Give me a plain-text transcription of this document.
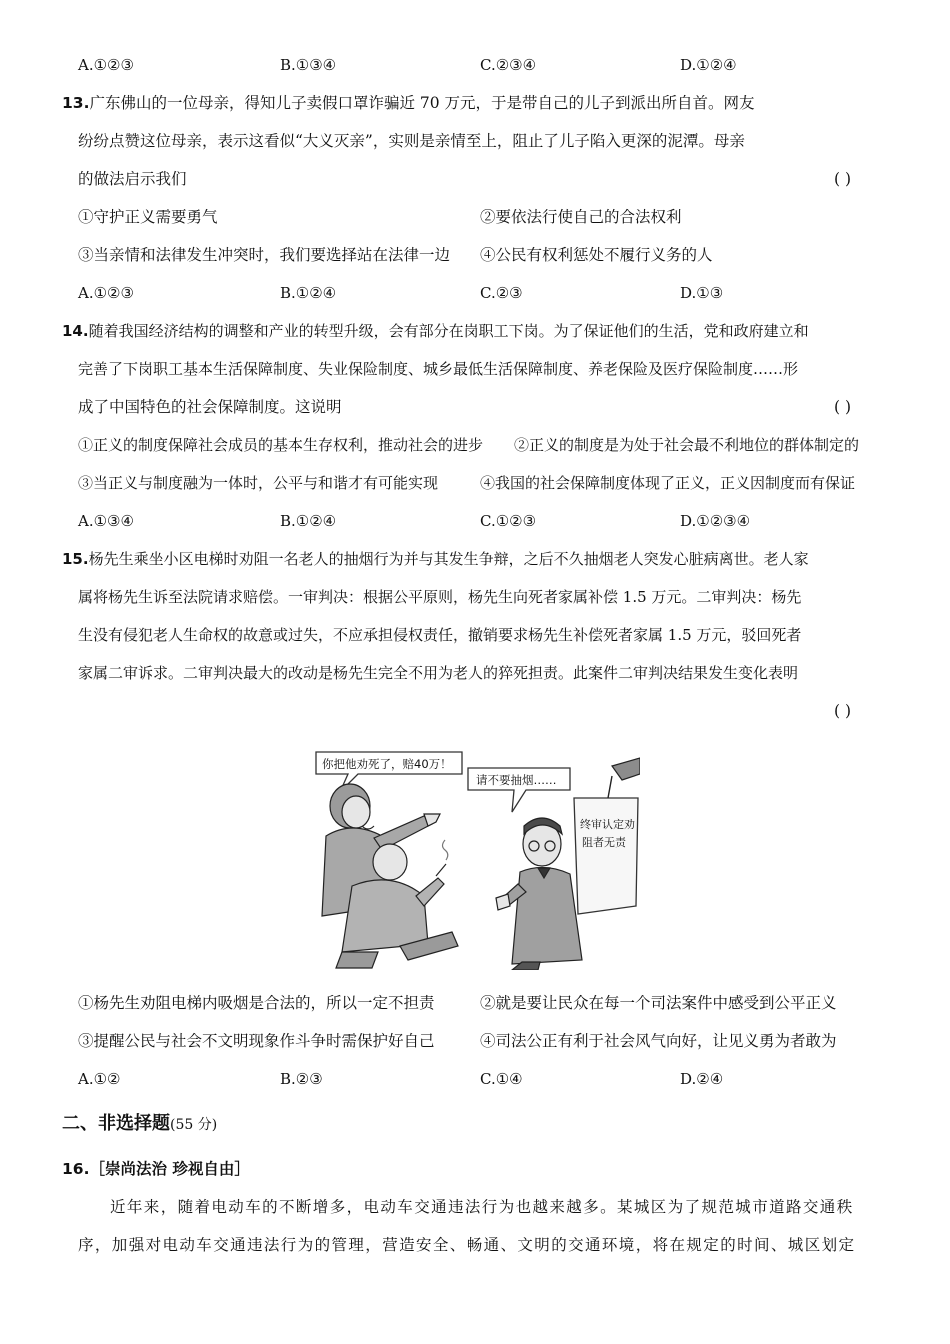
A.①②③	B.①③④	C.②③④	D.①②④
13.广东佛山的一位母亲，得知儿子卖假口罩诈骗近 70 万元，于是带自己的儿子到派出所自首。网友
纷纷点赞这位母亲，表示这看似“大义灭亲”，实则是亲情至上，阻止了儿子陷入更深的泥潭。母亲
的做法启示我们	( )
①守护正义需要勇气	②要依法行使自己的合法权利
③当亲情和法律发生冲突时，我们要选择站在法律一边 ④公民有权利惩处不履行义务的人
A.①②③	B.①②④	C.②③	D.①③
14.随着我国经济结构的调整和产业的转型升级，会有部分在岗职工下岗。为了保证他们的生活，党和政府建立和
完善了下岗职工基本生活保障制度、失业保险制度、城乡最低生活保障制度、养老保险及医疗保险制度……形
成了中国特色的社会保障制度。这说明	( )
①正义的制度保障社会成员的基本生存权利，推动社会的进步 ②正义的制度是为处于社会最不利地位的群体制定的
③当正义与制度融为一体时，公平与和谐才有可能实现	④我国的社会保障制度体现了正义，正义因制度而有保证
A.①③④	B.①②④	C.①②③	D.①②③④
15.杨先生乘坐小区电梯时劝阻一名老人的抽烟行为并与其发生争辩，之后不久抽烟老人突发心脏病离世。老人家
属将杨先生诉至法院请求赔偿。一审判决：根据公平原则，杨先生向死者家属补偿 1.5 万元。二审判决：杨先
生没有侵犯老人生命权的故意或过失，不应承担侵权责任，撤销要求杨先生补偿死者家属 1.5 万元，驳回死者
家属二审诉求。二审判决最大的改动是杨先生完全不用为老人的猝死担责。此案件二审判决结果发生变化表明
( )
你把他劝死了，赔40万！
请不要抽烟……
终审认定劝
阻者无责
①杨先生劝阻电梯内吸烟是合法的，所以一定不担责	②就是要让民众在每一个司法案件中感受到公平正义
③提醒公民与社会不文明现象作斗争时需保护好自己	④司法公正有利于社会风气向好，让见义勇为者敢为
A.①②	B.②③	C.①④	D.②④
二、非选择题(55 分)
16.［崇尚法治 珍视自由］
近年来，随着电动车的不断增多，电动车交通违法行为也越来越多。某城区为了规范城市道路交通秩
序，加强对电动车交通违法行为的管理，营造安全、畅通、文明的交通环境，将在规定的时间、城区划定
